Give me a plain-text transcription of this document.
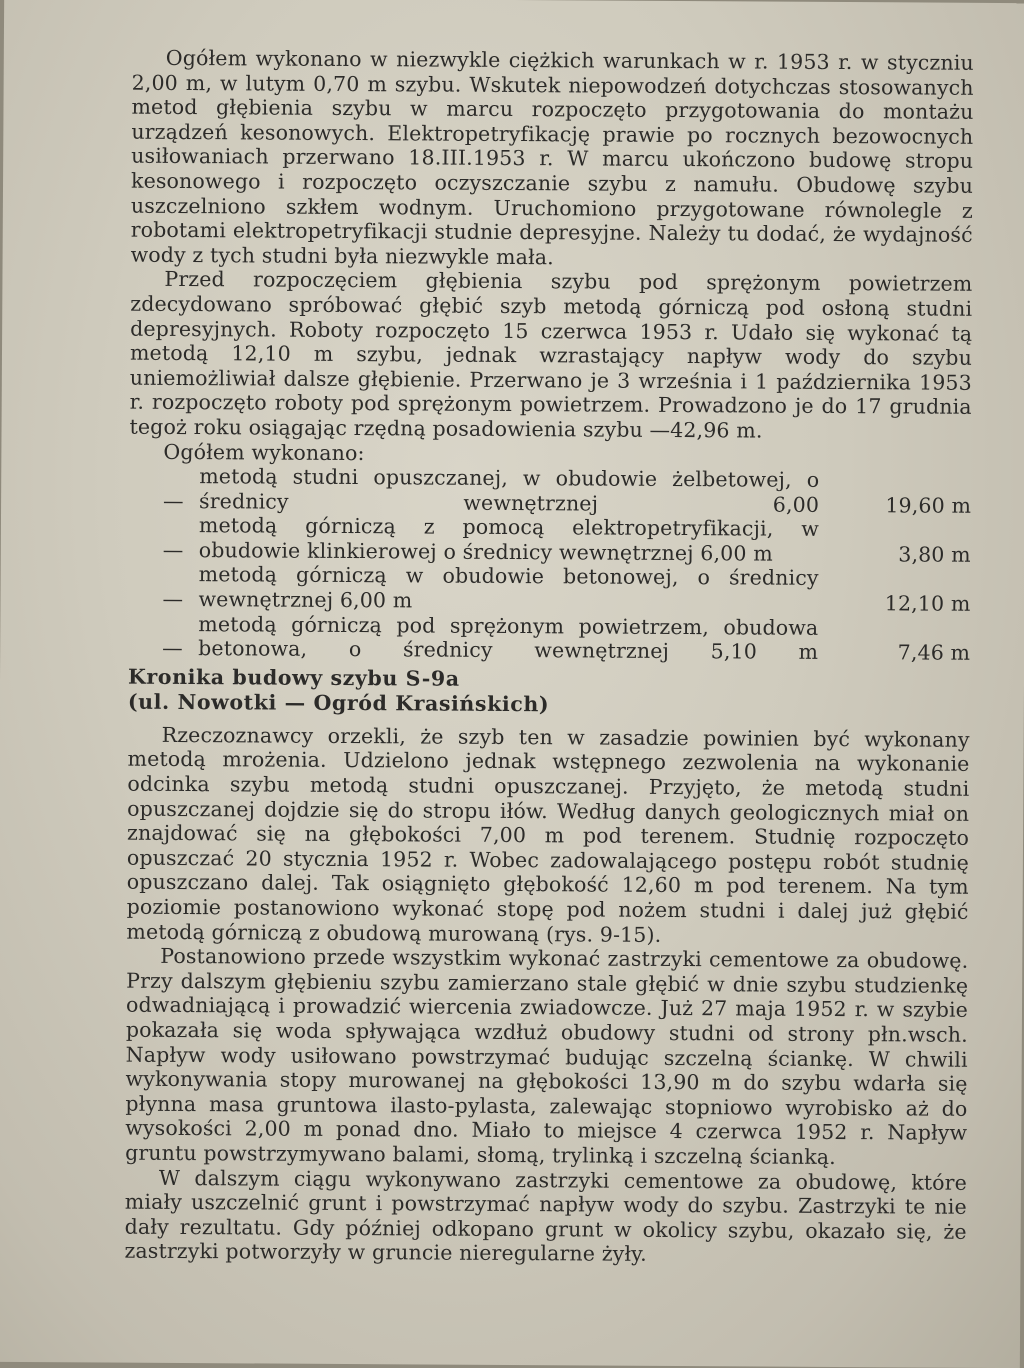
Ogółem wykonano w niezwykle ciężkich warunkach w r. 1953 r. w styczniu 2,00 m, w lutym 0,70 m szybu. Wskutek niepowodzeń dotychczas stosowanych metod głębienia szybu w marcu rozpoczęto przygotowania do montażu urządzeń kesonowych. Elektropetryfikację prawie po rocznych bezowocnych usiłowaniach przerwano 18.III.1953 r. W marcu ukończono budowę stropu kesonowego i rozpoczęto oczyszczanie szybu z namułu. Obudowę szybu uszczelniono szkłem wodnym. Uruchomiono przygotowane równolegle z robotami elektropetryfikacji studnie depresyjne. Należy tu dodać, że wydajność wody z tych studni była niezwykle mała.

Przed rozpoczęciem głębienia szybu pod sprężonym powietrzem zdecydowano spróbować głębić szyb metodą górniczą pod osłoną studni depresyjnych. Roboty rozpoczęto 15 czerwca 1953 r. Udało się wykonać tą metodą 12,10 m szybu, jednak wzrastający napływ wody do szybu uniemożliwiał dalsze głębienie. Przerwano je 3 września i 1 października 1953 r. rozpoczęto roboty pod sprężonym powietrzem. Prowadzono je do 17 grudnia tegoż roku osiągając rzędną posadowienia szybu —42,96 m.

Ogółem wykonano:

—
metodą studni opuszczanej, w obudowie żelbetowej, o średnicy wewnętrznej 6,00	19,60 m
—
metodą górniczą z pomocą elektropetryfikacji, w obudowie klinkierowej o średnicy wewnętrznej 6,00 m	3,80 m
—
metodą górniczą w obudowie betonowej, o średnicy wewnętrznej 6,00 m	12,10 m
—
metodą górniczą pod sprężonym powietrzem, obudowa betonowa, o średnicy wewnętrznej 5,10 m	7,46 m
Kronika budowy szybu S-9a
(ul. Nowotki — Ogród Krasińskich)

Rzeczoznawcy orzekli, że szyb ten w zasadzie powinien być wykonany metodą mrożenia. Udzielono jednak wstępnego zezwolenia na wykonanie odcinka szybu metodą studni opuszczanej. Przyjęto, że metodą studni opuszczanej dojdzie się do stropu iłów. Według danych geologicznych miał on znajdować się na głębokości 7,00 m pod terenem. Studnię rozpoczęto opuszczać 20 stycznia 1952 r. Wobec zadowalającego postępu robót studnię opuszczano dalej. Tak osiągnięto głębokość 12,60 m pod terenem. Na tym poziomie postanowiono wykonać stopę pod nożem studni i dalej już głębić metodą górniczą z obudową murowaną (rys. 9-15).

Postanowiono przede wszystkim wykonać zastrzyki cementowe za obudowę. Przy dalszym głębieniu szybu zamierzano stale głębić w dnie szybu studzienkę odwadniającą i prowadzić wiercenia zwiadowcze. Już 27 maja 1952 r. w szybie pokazała się woda spływająca wzdłuż obudowy studni od strony płn.wsch. Napływ wody usiłowano powstrzymać budując szczelną ściankę. W chwili wykonywania stopy murowanej na głębokości 13,90 m do szybu wdarła się płynna masa gruntowa ilasto-pylasta, zalewając stopniowo wyrobisko aż do wysokości 2,00 m ponad dno. Miało to miejsce 4 czerwca 1952 r. Napływ gruntu powstrzymywano balami, słomą, trylinką i szczelną ścianką.

W dalszym ciągu wykonywano zastrzyki cementowe za obudowę, które miały uszczelnić grunt i powstrzymać napływ wody do szybu. Zastrzyki te nie dały rezultatu. Gdy później odkopano grunt w okolicy szybu, okazało się, że zastrzyki potworzyły w gruncie nieregularne żyły.
